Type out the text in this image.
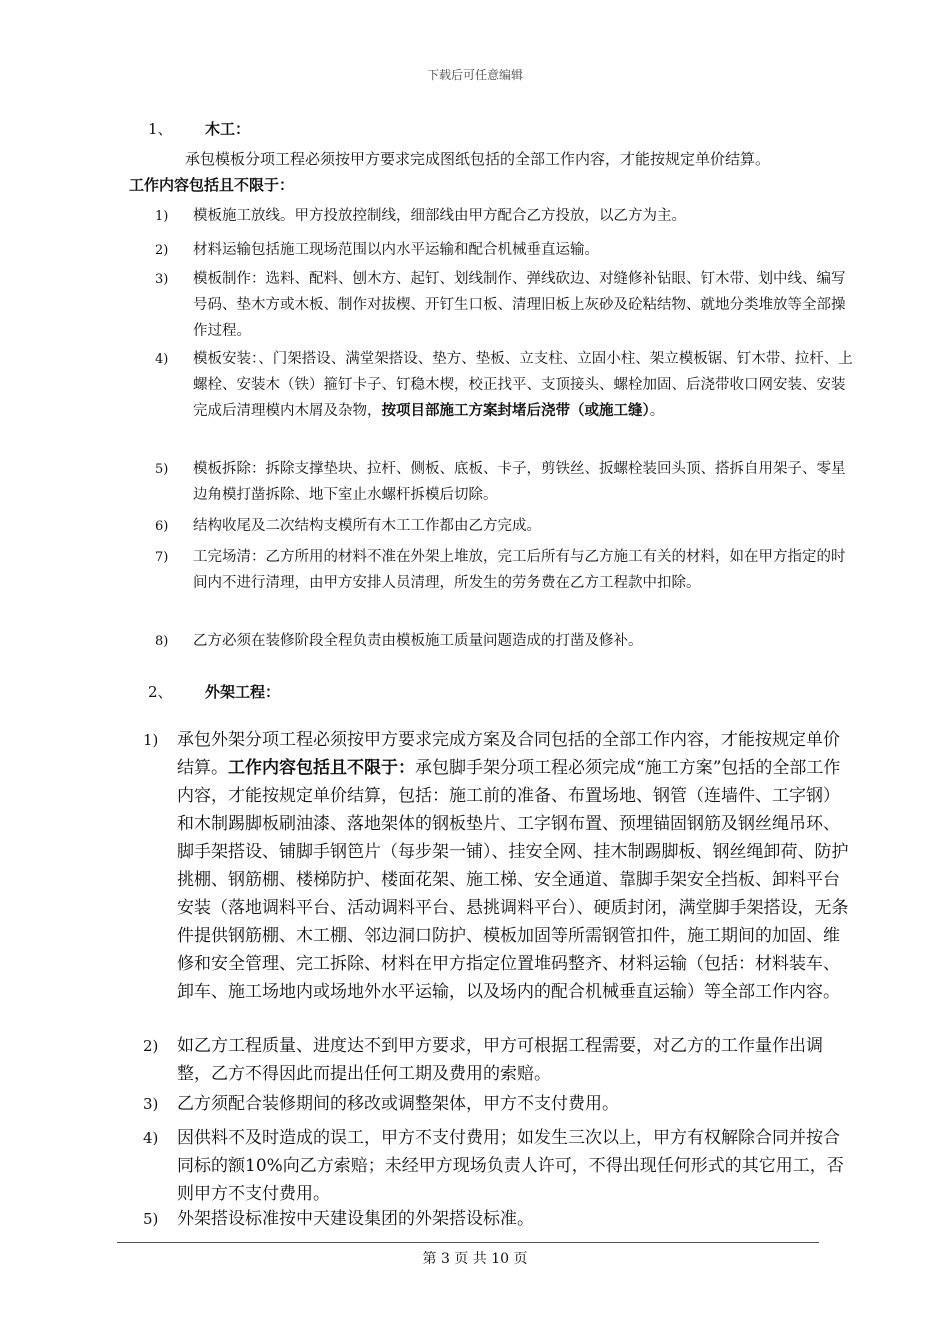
下载后可任意编辑
1、	木工：
承包模板分项工程必须按甲方要求完成图纸包括的全部工作内容，才能按规定单价结算。
工作内容包括且不限于：
1)	模板施工放线。甲方投放控制线，细部线由甲方配合乙方投放，以乙方为主。
2)	材料运输包括施工现场范围以内水平运输和配合机械垂直运输。
3)	模板制作：选料、配料、刨木方、起钉、划线制作、弹线砍边、对缝修补钻眼、钉木带、划中线、编写号码、垫木方或木板、制作对拔楔、开钉生口板、清理旧板上灰砂及砼粘结物、就地分类堆放等全部操作过程。
4)	模板安装：、门架搭设、满堂架搭设、垫方、垫板、立支柱、立固小柱、架立模板锯、钉木带、拉杆、上螺栓、安装木（铁）箍钉卡子、钉稳木楔，校正找平、支顶接头、螺栓加固、后浇带收口网安装、安装完成后清理模内木屑及杂物，按项目部施工方案封堵后浇带（或施工缝）。
5)	模板拆除：拆除支撑垫块、拉杆、侧板、底板、卡子，剪铁丝、扳螺栓装回头顶、搭拆自用架子、零星边角模打凿拆除、地下室止水螺杆拆模后切除。
6)	结构收尾及二次结构支模所有木工工作都由乙方完成。
7)	工完场清：乙方所用的材料不准在外架上堆放，完工后所有与乙方施工有关的材料，如在甲方指定的时间内不进行清理，由甲方安排人员清理，所发生的劳务费在乙方工程款中扣除。
8)	乙方必须在装修阶段全程负责由模板施工质量问题造成的打凿及修补。
2、	外架工程：
1)	承包外架分项工程必须按甲方要求完成方案及合同包括的全部工作内容，才能按规定单价结算。工作内容包括且不限于：承包脚手架分项工程必须完成“施工方案”包括的全部工作内容，才能按规定单价结算，包括：施工前的准备、布置场地、钢管（连墙件、工字钢）和木制踢脚板刷油漆、落地架体的钢板垫片、工字钢布置、预埋锚固钢筋及钢丝绳吊环、脚手架搭设、铺脚手钢笆片（每步架一铺）、挂安全网、挂木制踢脚板、钢丝绳卸荷、防护挑棚、钢筋棚、楼梯防护、楼面花架、施工梯、安全通道、靠脚手架安全挡板、卸料平台安装（落地调料平台、活动调料平台、悬挑调料平台）、硬质封闭，满堂脚手架搭设，无条件提供钢筋棚、木工棚、邻边洞口防护、模板加固等所需钢管扣件，施工期间的加固、维修和安全管理、完工拆除、材料在甲方指定位置堆码整齐、材料运输（包括：材料装车、卸车、施工场地内或场地外水平运输，以及场内的配合机械垂直运输）等全部工作内容。
2)	如乙方工程质量、进度达不到甲方要求，甲方可根据工程需要，对乙方的工作量作出调整，乙方不得因此而提出任何工期及费用的索赔。
3)	乙方须配合装修期间的移改或调整架体，甲方不支付费用。
4)	因供料不及时造成的误工，甲方不支付费用；如发生三次以上，甲方有权解除合同并按合同标的额10%向乙方索赔；未经甲方现场负责人许可，不得出现任何形式的其它用工，否则甲方不支付费用。
5)	外架搭设标准按中天建设集团的外架搭设标准。
第 3 页 共 10 页
